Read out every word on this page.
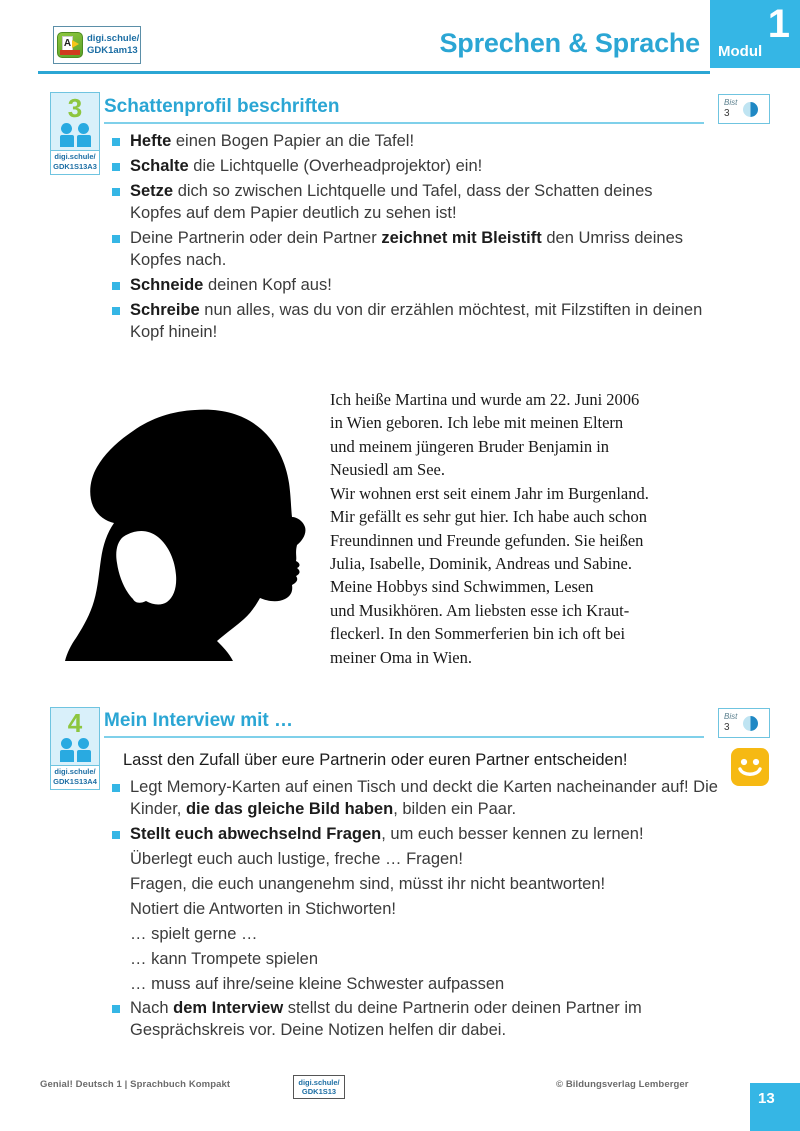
A digi.schule/
GDK1am13	Sprechen & Sprache 1
Modul
3
digi.schule/
GDK1S13A3
Schattenprofil beschriften	Bist
3
Hefte einen Bogen Papier an die Tafel!
Schalte die Lichtquelle (Overheadprojektor) ein!
Setze dich so zwischen Lichtquelle und Tafel, dass der Schatten deines Kopfes auf dem Papier deutlich zu sehen ist!
Deine Partnerin oder dein Partner zeichnet mit Bleistift den Umriss deines Kopfes nach.
Schneide deinen Kopf aus!
Schreibe nun alles, was du von dir erzählen möchtest, mit Filzstiften in deinen Kopf hinein!
Ich heiße Martina und wurde am 22. Juni 2006
in Wien geboren. Ich lebe mit meinen Eltern
und meinem jüngeren Bruder Benjamin in
Neusiedl am See.
Wir wohnen erst seit einem Jahr im Burgenland.
Mir gefällt es sehr gut hier. Ich habe auch schon
Freundinnen und Freunde gefunden. Sie heißen
Julia, Isabelle, Dominik, Andreas und Sabine.
Meine Hobbys sind Schwimmen, Lesen
und Musikhören. Am liebsten esse ich Kraut-
fleckerl. In den Sommerferien bin ich oft bei
meiner Oma in Wien.
4
digi.schule/
GDK1S13A4
Mein Interview mit …	Bist
3
Lasst den Zufall über eure Partnerin oder euren Partner entscheiden!
Legt Memory-Karten auf einen Tisch und deckt die Karten nacheinander auf! Die Kinder, die das gleiche Bild haben, bilden ein Paar.
Stellt euch abwechselnd Fragen, um euch besser kennen zu lernen!
Überlegt euch auch lustige, freche … Fragen!
Fragen, die euch unangenehm sind, müsst ihr nicht beantworten!
Notiert die Antworten in Stichworten!
… spielt gerne …
… kann Trompete spielen
… muss auf ihre/seine kleine Schwester aufpassen
Nach dem Interview stellst du deine Partnerin oder deinen Partner im Gesprächskreis vor. Deine Notizen helfen dir dabei.
Genial! Deutsch 1 | Sprachbuch Kompakt	digi.schule/
GDK1S13
© Bildungsverlag Lemberger
13
